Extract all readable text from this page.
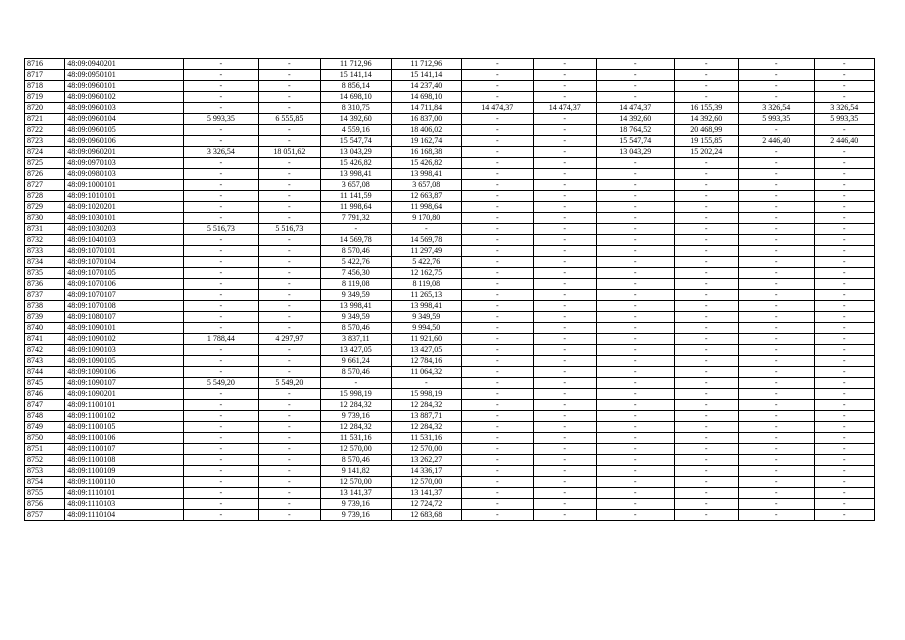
8716	48:09:0940201	-	-	11 712,96	11 712,96	-	-	-	-	-	-
8717	48:09:0950101	-	-	15 141,14	15 141,14	-	-	-	-	-	-
8718	48:09:0960101	-	-	8 856,14	14 237,40	-	-	-	-	-	-
8719	48:09:0960102	-	-	14 698,10	14 698,10	-	-	-	-	-	-
8720	48:09:0960103	-	-	8 310,75	14 711,84	14 474,37	14 474,37	14 474,37	16 155,39	3 326,54	3 326,54
8721	48:09:0960104	5 993,35	6 555,85	14 392,60	16 837,00	-	-	14 392,60	14 392,60	5 993,35	5 993,35
8722	48:09:0960105	-	-	4 559,16	18 406,02	-	-	18 764,52	20 468,99	-	-
8723	48:09:0960106	-	-	15 547,74	19 162,74	-	-	15 547,74	19 155,85	2 446,40	2 446,40
8724	48:09:0960201	3 326,54	18 051,62	13 043,29	16 168,38	-	-	13 043,29	15 202,24	-	-
8725	48:09:0970103	-	-	15 426,82	15 426,82	-	-	-	-	-	-
8726	48:09:0980103	-	-	13 998,41	13 998,41	-	-	-	-	-	-
8727	48:09:1000101	-	-	3 657,08	3 657,08	-	-	-	-	-	-
8728	48:09:1010101	-	-	11 141,59	12 663,87	-	-	-	-	-	-
8729	48:09:1020201	-	-	11 998,64	11 998,64	-	-	-	-	-	-
8730	48:09:1030101	-	-	7 791,32	9 170,80	-	-	-	-	-	-
8731	48:09:1030203	5 516,73	5 516,73	-	-	-	-	-	-	-	-
8732	48:09:1040103	-	-	14 569,78	14 569,78	-	-	-	-	-	-
8733	48:09:1070101	-	-	8 570,46	11 297,49	-	-	-	-	-	-
8734	48:09:1070104	-	-	5 422,76	5 422,76	-	-	-	-	-	-
8735	48:09:1070105	-	-	7 456,30	12 162,75	-	-	-	-	-	-
8736	48:09:1070106	-	-	8 119,08	8 119,08	-	-	-	-	-	-
8737	48:09:1070107	-	-	9 349,59	11 265,13	-	-	-	-	-	-
8738	48:09:1070108	-	-	13 998,41	13 998,41	-	-	-	-	-	-
8739	48:09:1080107	-	-	9 349,59	9 349,59	-	-	-	-	-	-
8740	48:09:1090101	-	-	8 570,46	9 994,50	-	-	-	-	-	-
8741	48:09:1090102	1 788,44	4 297,97	3 837,11	11 921,60	-	-	-	-	-	-
8742	48:09:1090103	-	-	13 427,05	13 427,05	-	-	-	-	-	-
8743	48:09:1090105	-	-	9 661,24	12 784,16	-	-	-	-	-	-
8744	48:09:1090106	-	-	8 570,46	11 064,32	-	-	-	-	-	-
8745	48:09:1090107	5 549,20	5 549,20	-	-	-	-	-	-	-	-
8746	48:09:1090201	-	-	15 998,19	15 998,19	-	-	-	-	-	-
8747	48:09:1100101	-	-	12 284,32	12 284,32	-	-	-	-	-	-
8748	48:09:1100102	-	-	9 739,16	13 887,71	-	-	-	-	-	-
8749	48:09:1100105	-	-	12 284,32	12 284,32	-	-	-	-	-	-
8750	48:09:1100106	-	-	11 531,16	11 531,16	-	-	-	-	-	-
8751	48:09:1100107	-	-	12 570,00	12 570,00	-	-	-	-	-	-
8752	48:09:1100108	-	-	8 570,46	13 262,27	-	-	-	-	-	-
8753	48:09:1100109	-	-	9 141,82	14 336,17	-	-	-	-	-	-
8754	48:09:1100110	-	-	12 570,00	12 570,00	-	-	-	-	-	-
8755	48:09:1110101	-	-	13 141,37	13 141,37	-	-	-	-	-	-
8756	48:09:1110103	-	-	9 739,16	12 724,72	-	-	-	-	-	-
8757	48:09:1110104	-	-	9 739,16	12 683,68	-	-	-	-	-	-
